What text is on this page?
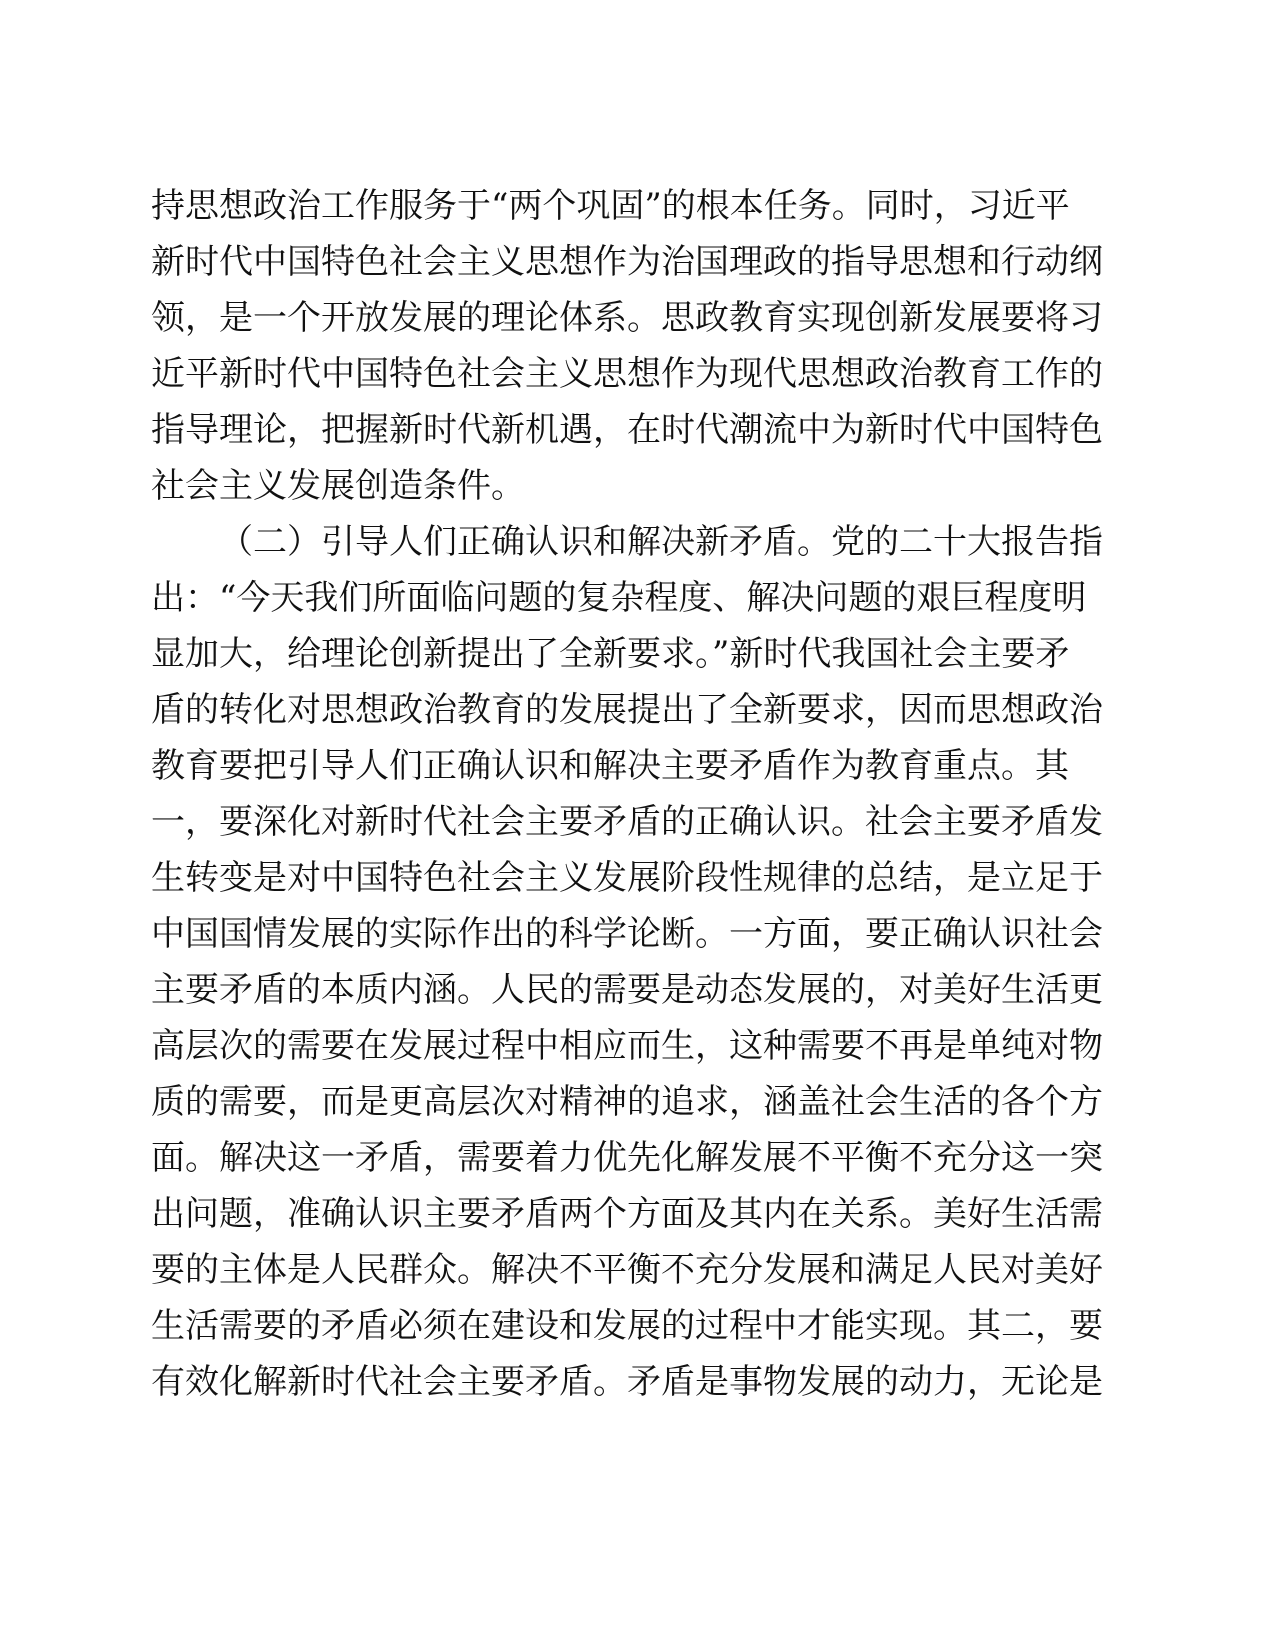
持思想政治工作服务于“两个巩固”的根本任务。同时，习近平
新时代中国特色社会主义思想作为治国理政的指导思想和行动纲
领，是一个开放发展的理论体系。思政教育实现创新发展要将习
近平新时代中国特色社会主义思想作为现代思想政治教育工作的
指导理论，把握新时代新机遇，在时代潮流中为新时代中国特色
社会主义发展创造条件。
（二）引导人们正确认识和解决新矛盾。党的二十大报告指
出：“今天我们所面临问题的复杂程度、解决问题的艰巨程度明
显加大，给理论创新提出了全新要求。”新时代我国社会主要矛
盾的转化对思想政治教育的发展提出了全新要求，因而思想政治
教育要把引导人们正确认识和解决主要矛盾作为教育重点。其
一，要深化对新时代社会主要矛盾的正确认识。社会主要矛盾发
生转变是对中国特色社会主义发展阶段性规律的总结，是立足于
中国国情发展的实际作出的科学论断。一方面，要正确认识社会
主要矛盾的本质内涵。人民的需要是动态发展的，对美好生活更
高层次的需要在发展过程中相应而生，这种需要不再是单纯对物
质的需要，而是更高层次对精神的追求，涵盖社会生活的各个方
面。解决这一矛盾，需要着力优先化解发展不平衡不充分这一突
出问题，准确认识主要矛盾两个方面及其内在关系。美好生活需
要的主体是人民群众。解决不平衡不充分发展和满足人民对美好
生活需要的矛盾必须在建设和发展的过程中才能实现。其二，要
有效化解新时代社会主要矛盾。矛盾是事物发展的动力，无论是
